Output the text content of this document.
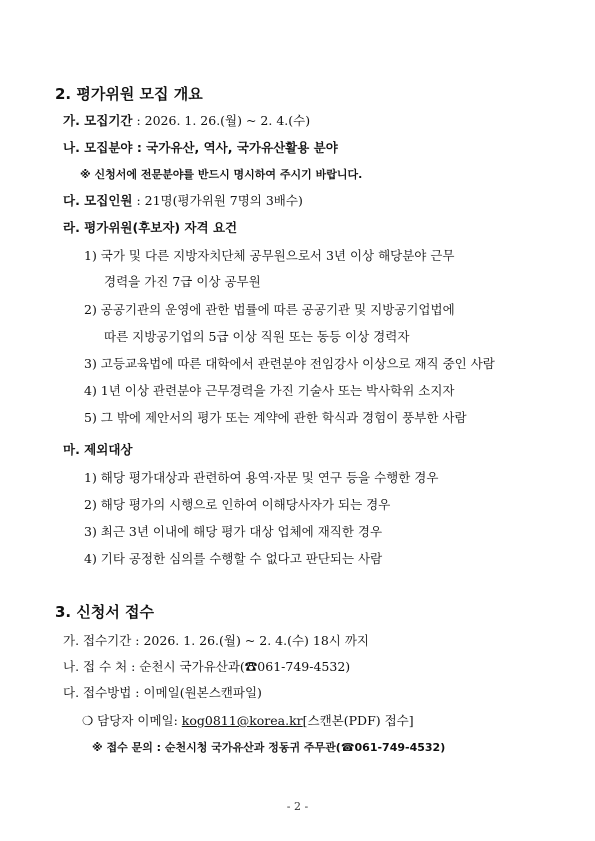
2. 평가위원 모집 개요
가. 모집기간 : 2026. 1. 26.(월) ~ 2. 4.(수)
나. 모집분야 : 국가유산, 역사, 국가유산활용 분야
※ 신청서에 전문분야를 반드시 명시하여 주시기 바랍니다.
다. 모집인원 : 21명(평가위원 7명의 3배수)
라. 평가위원(후보자) 자격 요건
1) 국가 및 다른 지방자치단체 공무원으로서 3년 이상 해당분야 근무
경력을 가진 7급 이상 공무원
2) 공공기관의 운영에 관한 법률에 따른 공공기관 및 지방공기업법에
따른 지방공기업의 5급 이상 직원 또는 동등 이상 경력자
3) 고등교육법에 따른 대학에서 관련분야 전임강사 이상으로 재직 중인 사람
4) 1년 이상 관련분야 근무경력을 가진 기술사 또는 박사학위 소지자
5) 그 밖에 제안서의 평가 또는 계약에 관한 학식과 경험이 풍부한 사람
마. 제외대상
1) 해당 평가대상과 관련하여 용역·자문 및 연구 등을 수행한 경우
2) 해당 평가의 시행으로 인하여 이해당사자가 되는 경우
3) 최근 3년 이내에 해당 평가 대상 업체에 재직한 경우
4) 기타 공정한 심의를 수행할 수 없다고 판단되는 사람
3. 신청서 접수
가. 접수기간 : 2026. 1. 26.(월) ~ 2. 4.(수) 18시 까지
나. 접 수 처 : 순천시 국가유산과(☎061-749-4532)
다. 접수방법 : 이메일(원본스캔파일)
❍ 담당자 이메일: kog0811@korea.kr[스캔본(PDF) 접수]
※ 접수 문의 : 순천시청 국가유산과 정동귀 주무관(☎061-749-4532)
- 2 -
